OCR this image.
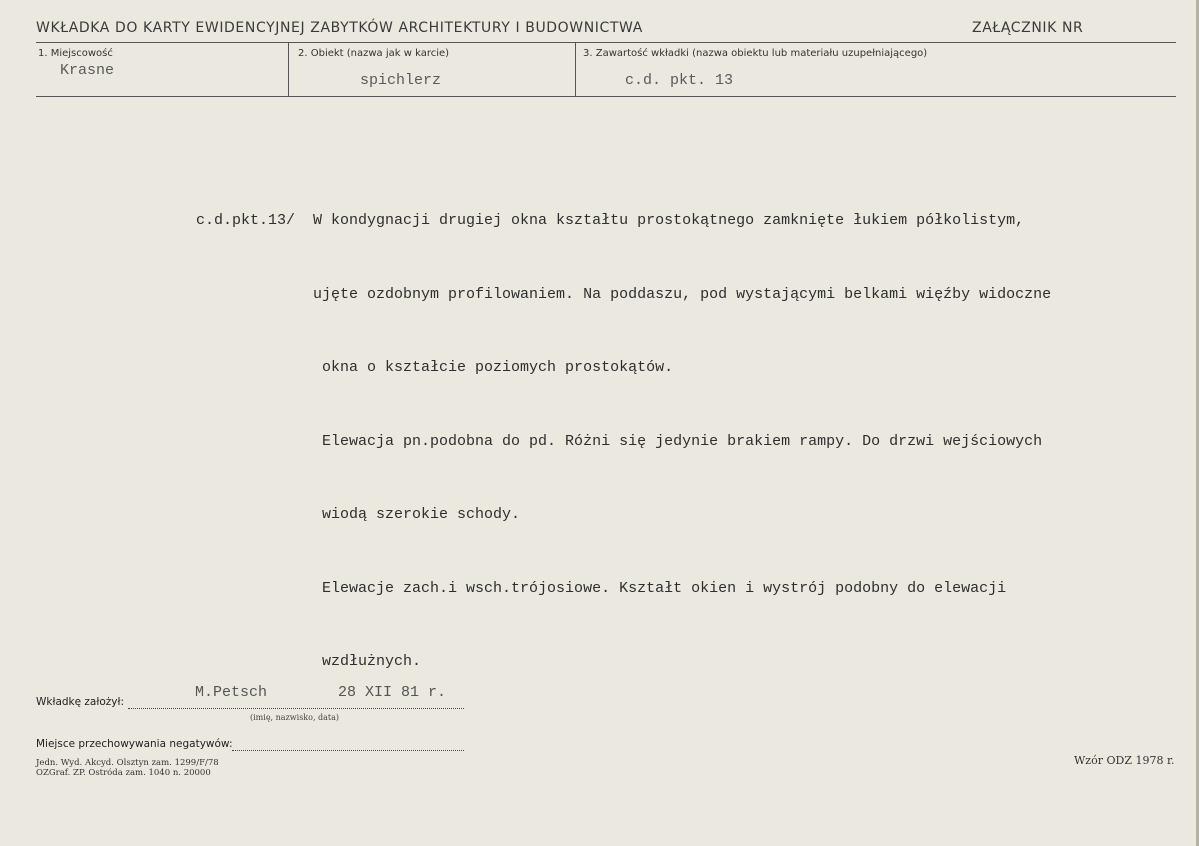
WKŁADKA DO KARTY EWIDENCYJNEJ ZABYTKÓW ARCHITEKTURY I BUDOWNICTWA	ZAŁĄCZNIK NR
1. Miejscowość
Krasne
2. Obiekt (nazwa jak w karcie)
spichlerz
3. Zawartość wkładki (nazwa obiektu lub materiału uzupełniającego)
c.d. pkt. 13

c.d.pkt.13/  W kondygnacji drugiej okna kształtu prostokątnego zamknięte łukiem półkolistym,

ujęte ozdobnym profilowaniem. Na poddaszu, pod wystającymi belkami więźby widoczne

okna o kształcie poziomych prostokątów.

Elewacja pn.podobna do pd. Różni się jedynie brakiem rampy. Do drzwi wejściowych

wiodą szerokie schody.

Elewacje zach.i wsch.trójosiowe. Kształt okien i wystrój podobny do elewacji

wzdłużnych.

Wkładkę założył:
M.Petsch	28 XII 81 r.
(imię, nazwisko, data)
Miejsce przechowywania negatywów:
Jedn. Wyd. Akcyd. Olsztyn zam. 1299/F/78
OZGraf. ZP. Ostróda zam. 1040 n. 20000
Wzór ODZ 1978 r.
